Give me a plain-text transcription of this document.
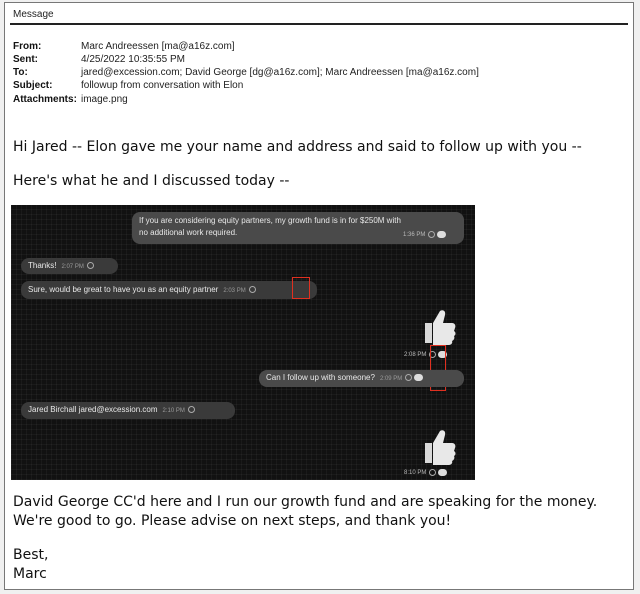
Message
From:	Marc Andreessen [ma@a16z.com]
Sent:	4/25/2022 10:35:55 PM
To:	jared@excession.com; David George [dg@a16z.com]; Marc Andreessen [ma@a16z.com]
Subject:	followup from conversation with Elon
Attachments: image.png
Hi Jared -- Elon gave me your name and address and said to follow up with you --
Here's what he and I discussed today --
If you are considering equity partners, my growth fund is in for $250M with
no additional work required.	1:36 PM
Thanks! 2:07 PM
Sure, would be great to have you as an equity partner 2:03 PM
2:08 PM
Can I follow up with someone? 2:09 PM
Jared Birchall jared@excession.com 2:10 PM
8:10 PM
David George CC'd here and I run our growth fund and are speaking for the money.
We're good to go. Please advise on next steps, and thank you!
Best,
Marc
